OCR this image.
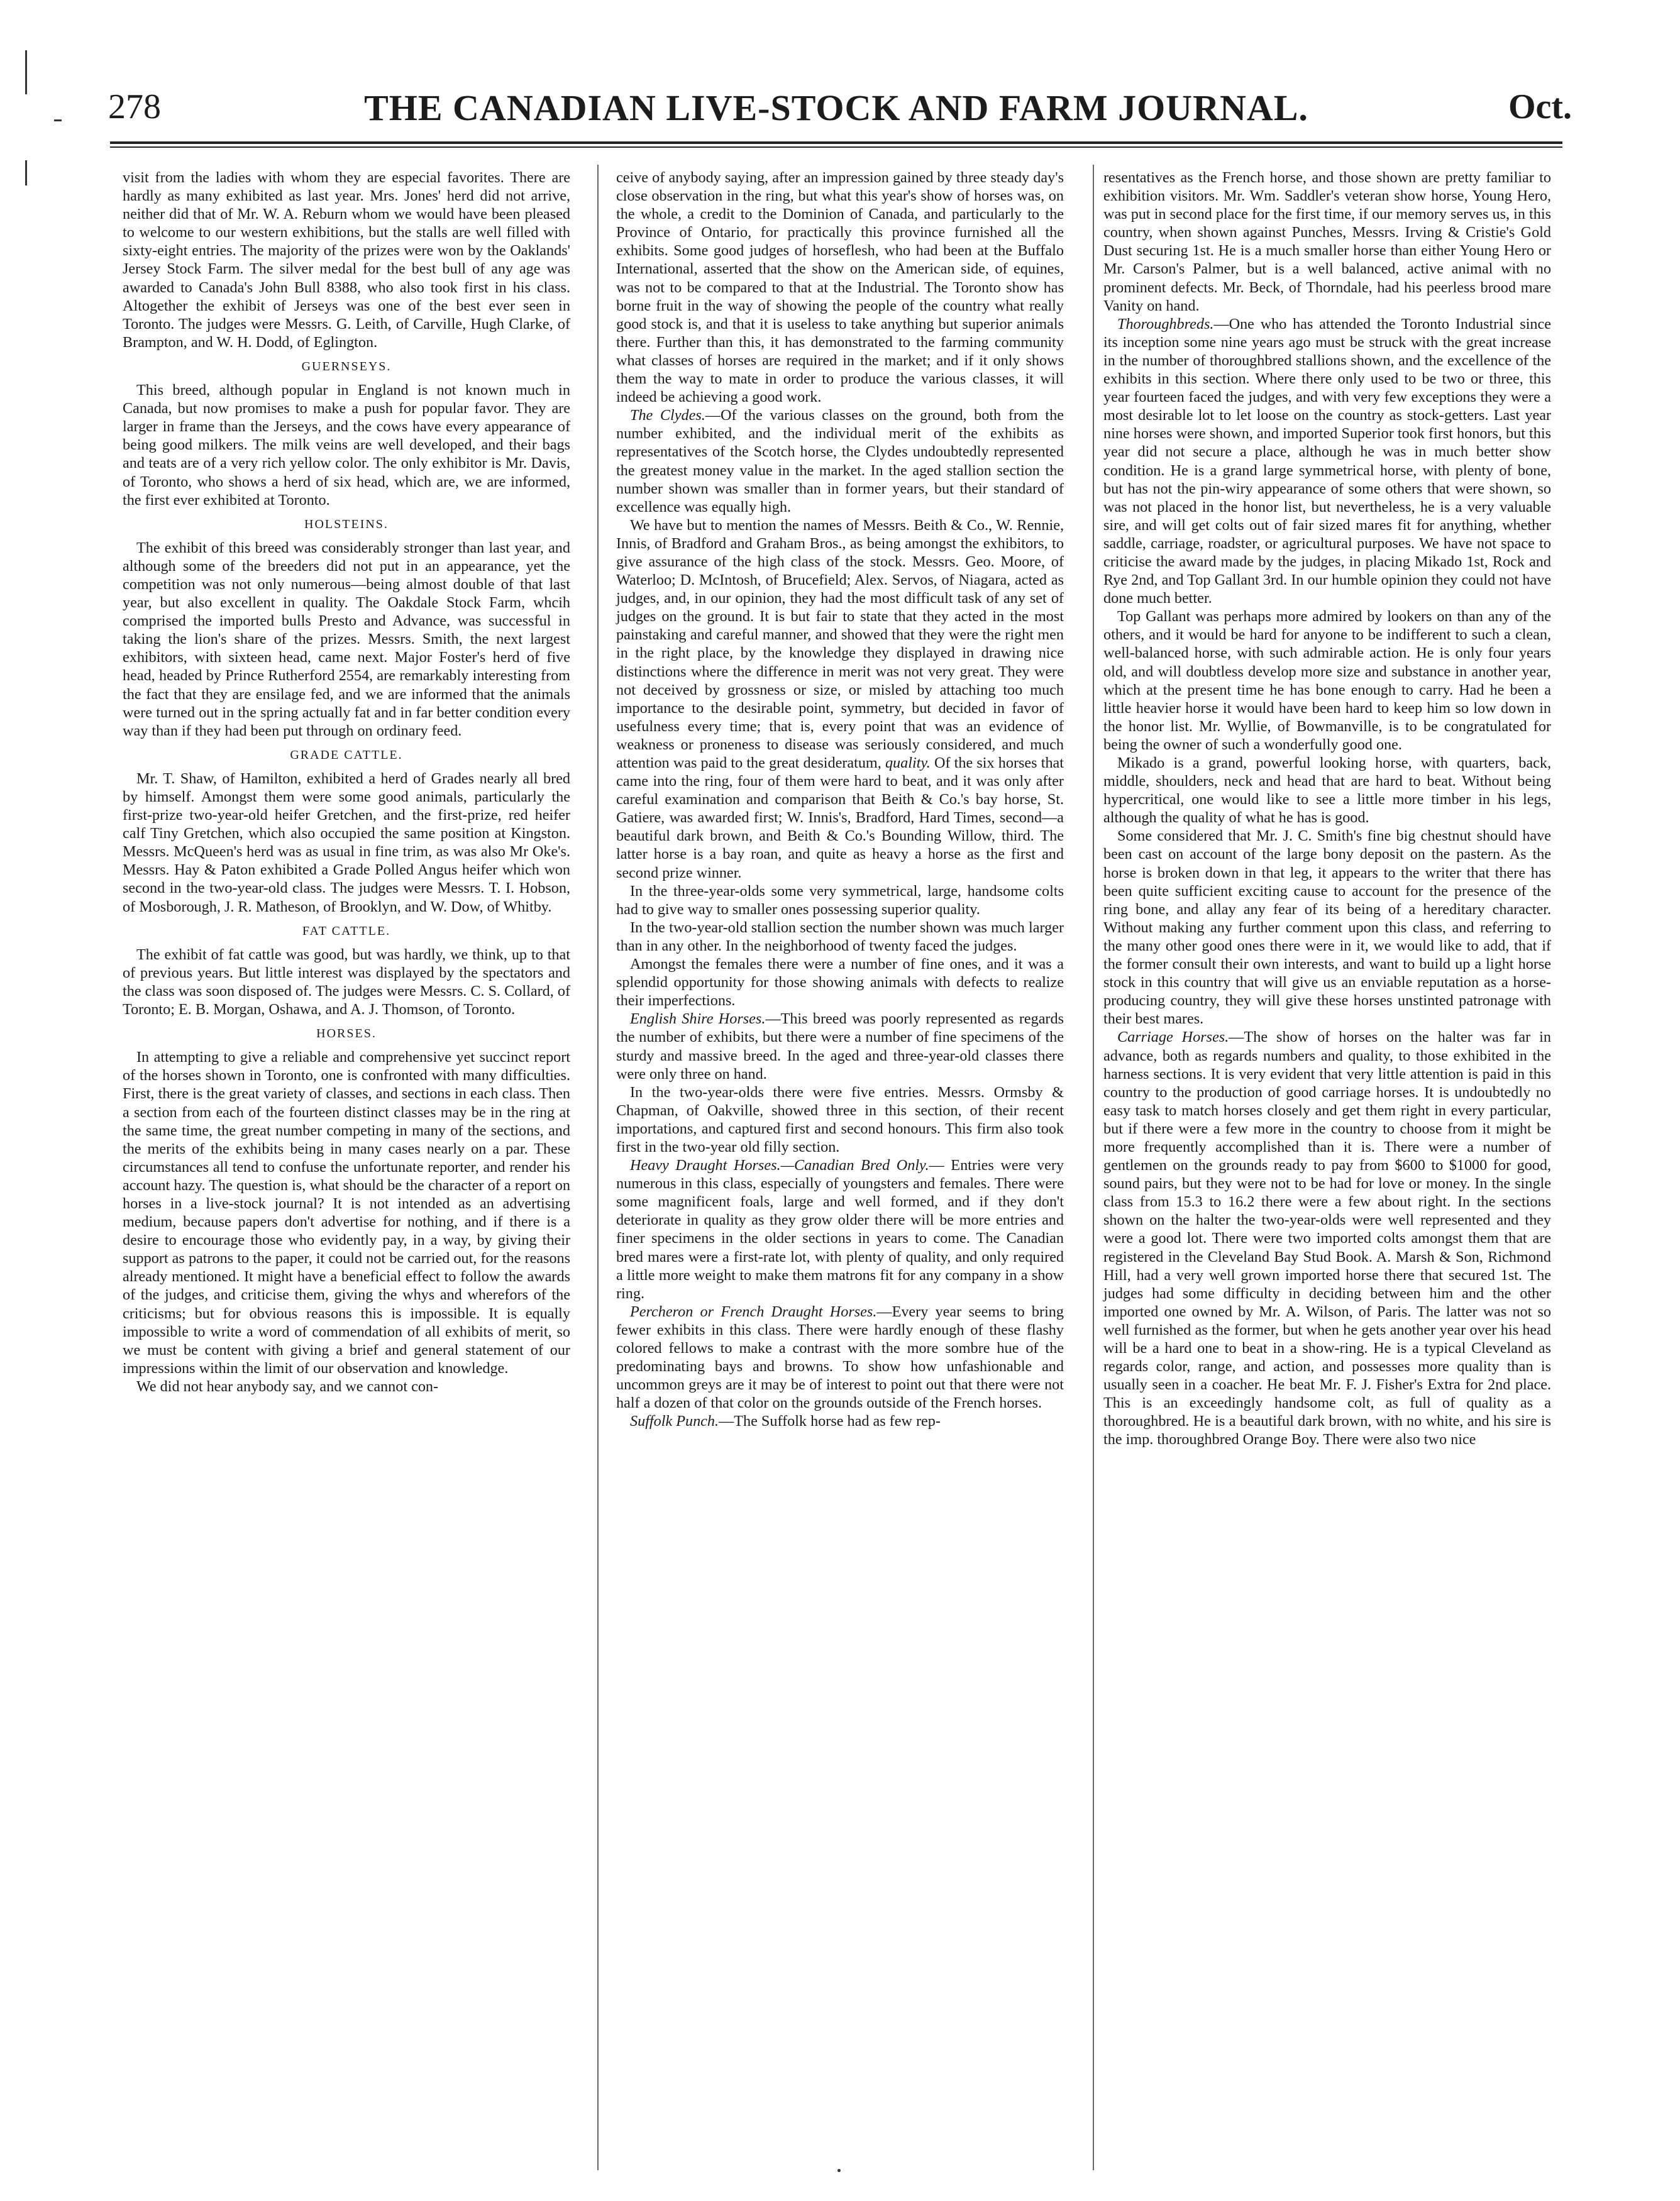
278	THE CANADIAN LIVE-STOCK AND FARM JOURNAL.	Oct.

visit from the ladies with whom they are especial favorites. There are hardly as many exhibited as last year. Mrs. Jones' herd did not arrive, neither did that of Mr. W. A. Reburn whom we would have been pleased to welcome to our western exhibitions, but the stalls are well filled with sixty-eight entries. The majority of the prizes were won by the Oaklands' Jersey Stock Farm. The silver medal for the best bull of any age was awarded to Canada's John Bull 8388, who also took first in his class. Altogether the exhibit of Jerseys was one of the best ever seen in Toronto. The judges were Messrs. G. Leith, of Carville, Hugh Clarke, of Brampton, and W. H. Dodd, of Eglington.

GUERNSEYS.

This breed, although popular in England is not known much in Canada, but now promises to make a push for popular favor. They are larger in frame than the Jerseys, and the cows have every appearance of being good milkers. The milk veins are well developed, and their bags and teats are of a very rich yellow color. The only exhibitor is Mr. Davis, of Toronto, who shows a herd of six head, which are, we are informed, the first ever exhibited at Toronto.

HOLSTEINS.

The exhibit of this breed was considerably stronger than last year, and although some of the breeders did not put in an appearance, yet the competition was not only numerous—being almost double of that last year, but also excellent in quality. The Oakdale Stock Farm, whcih comprised the imported bulls Presto and Advance, was successful in taking the lion's share of the prizes. Messrs. Smith, the next largest exhibitors, with sixteen head, came next. Major Foster's herd of five head, headed by Prince Rutherford 2554, are remarkably interesting from the fact that they are ensilage fed, and we are informed that the animals were turned out in the spring actually fat and in far better condition every way than if they had been put through on ordinary feed.

GRADE CATTLE.

Mr. T. Shaw, of Hamilton, exhibited a herd of Grades nearly all bred by himself. Amongst them were some good animals, particularly the first-prize two-year-old heifer Gretchen, and the first-prize, red heifer calf Tiny Gretchen, which also occupied the same position at Kingston. Messrs. McQueen's herd was as usual in fine trim, as was also Mr Oke's. Messrs. Hay & Paton exhibited a Grade Polled Angus heifer which won second in the two-year-old class. The judges were Messrs. T. I. Hobson, of Mosborough, J. R. Matheson, of Brooklyn, and W. Dow, of Whitby.

FAT CATTLE.

The exhibit of fat cattle was good, but was hardly, we think, up to that of previous years. But little interest was displayed by the spectators and the class was soon disposed of. The judges were Messrs. C. S. Collard, of Toronto; E. B. Morgan, Oshawa, and A. J. Thomson, of Toronto.

HORSES.

In attempting to give a reliable and comprehensive yet succinct report of the horses shown in Toronto, one is confronted with many difficulties. First, there is the great variety of classes, and sections in each class. Then a section from each of the fourteen distinct classes may be in the ring at the same time, the great number competing in many of the sections, and the merits of the exhibits being in many cases nearly on a par. These circumstances all tend to confuse the unfortunate reporter, and render his account hazy. The question is, what should be the character of a report on horses in a live-stock journal? It is not intended as an advertising medium, because papers don't advertise for nothing, and if there is a desire to encourage those who evidently pay, in a way, by giving their support as patrons to the paper, it could not be carried out, for the reasons already mentioned. It might have a beneficial effect to follow the awards of the judges, and criticise them, giving the whys and wherefors of the criticisms; but for obvious reasons this is impossible. It is equally impossible to write a word of commendation of all exhibits of merit, so we must be content with giving a brief and general statement of our impressions within the limit of our observation and knowledge.

We did not hear anybody say, and we cannot con-

ceive of anybody saying, after an impression gained by three steady day's close observation in the ring, but what this year's show of horses was, on the whole, a credit to the Dominion of Canada, and particularly to the Province of Ontario, for practically this province furnished all the exhibits. Some good judges of horseflesh, who had been at the Buffalo International, asserted that the show on the American side, of equines, was not to be compared to that at the Industrial. The Toronto show has borne fruit in the way of showing the people of the country what really good stock is, and that it is useless to take anything but superior animals there. Further than this, it has demonstrated to the farming community what classes of horses are required in the market; and if it only shows them the way to mate in order to produce the various classes, it will indeed be achieving a good work.

The Clydes.—Of the various classes on the ground, both from the number exhibited, and the individual merit of the exhibits as representatives of the Scotch horse, the Clydes undoubtedly represented the greatest money value in the market. In the aged stallion section the number shown was smaller than in former years, but their standard of excellence was equally high.

We have but to mention the names of Messrs. Beith & Co., W. Rennie, Innis, of Bradford and Graham Bros., as being amongst the exhibitors, to give assurance of the high class of the stock. Messrs. Geo. Moore, of Waterloo; D. McIntosh, of Brucefield; Alex. Servos, of Niagara, acted as judges, and, in our opinion, they had the most difficult task of any set of judges on the ground. It is but fair to state that they acted in the most painstaking and careful manner, and showed that they were the right men in the right place, by the knowledge they displayed in drawing nice distinctions where the difference in merit was not very great. They were not deceived by grossness or size, or misled by attaching too much importance to the desirable point, symmetry, but decided in favor of usefulness every time; that is, every point that was an evidence of weakness or proneness to disease was seriously considered, and much attention was paid to the great desideratum, quality. Of the six horses that came into the ring, four of them were hard to beat, and it was only after careful examination and comparison that Beith & Co.'s bay horse, St. Gatiere, was awarded first; W. Innis's, Bradford, Hard Times, second—a beautiful dark brown, and Beith & Co.'s Bounding Willow, third. The latter horse is a bay roan, and quite as heavy a horse as the first and second prize winner.

In the three-year-olds some very symmetrical, large, handsome colts had to give way to smaller ones possessing superior quality.

In the two-year-old stallion section the number shown was much larger than in any other. In the neighborhood of twenty faced the judges.

Amongst the females there were a number of fine ones, and it was a splendid opportunity for those showing animals with defects to realize their imperfections.

English Shire Horses.—This breed was poorly represented as regards the number of exhibits, but there were a number of fine specimens of the sturdy and massive breed. In the aged and three-year-old classes there were only three on hand.

In the two-year-olds there were five entries. Messrs. Ormsby & Chapman, of Oakville, showed three in this section, of their recent importations, and captured first and second honours. This firm also took first in the two-year old filly section.

Heavy Draught Horses.—Canadian Bred Only.— Entries were very numerous in this class, especially of youngsters and females. There were some magnificent foals, large and well formed, and if they don't deteriorate in quality as they grow older there will be more entries and finer specimens in the older sections in years to come. The Canadian bred mares were a first-rate lot, with plenty of quality, and only required a little more weight to make them matrons fit for any company in a show ring.

Percheron or French Draught Horses.—Every year seems to bring fewer exhibits in this class. There were hardly enough of these flashy colored fellows to make a contrast with the more sombre hue of the predominating bays and browns. To show how unfashionable and uncommon greys are it may be of interest to point out that there were not half a dozen of that color on the grounds outside of the French horses.

Suffolk Punch.—The Suffolk horse had as few rep-

resentatives as the French horse, and those shown are pretty familiar to exhibition visitors. Mr. Wm. Saddler's veteran show horse, Young Hero, was put in second place for the first time, if our memory serves us, in this country, when shown against Punches, Messrs. Irving & Cristie's Gold Dust securing 1st. He is a much smaller horse than either Young Hero or Mr. Carson's Palmer, but is a well balanced, active animal with no prominent defects. Mr. Beck, of Thorndale, had his peerless brood mare Vanity on hand.

Thoroughbreds.—One who has attended the Toronto Industrial since its inception some nine years ago must be struck with the great increase in the number of thoroughbred stallions shown, and the excellence of the exhibits in this section. Where there only used to be two or three, this year fourteen faced the judges, and with very few exceptions they were a most desirable lot to let loose on the country as stock-getters. Last year nine horses were shown, and imported Superior took first honors, but this year did not secure a place, although he was in much better show condition. He is a grand large symmetrical horse, with plenty of bone, but has not the pin-wiry appearance of some others that were shown, so was not placed in the honor list, but nevertheless, he is a very valuable sire, and will get colts out of fair sized mares fit for anything, whether saddle, carriage, roadster, or agricultural purposes. We have not space to criticise the award made by the judges, in placing Mikado 1st, Rock and Rye 2nd, and Top Gallant 3rd. In our humble opinion they could not have done much better.

Top Gallant was perhaps more admired by lookers on than any of the others, and it would be hard for anyone to be indifferent to such a clean, well-balanced horse, with such admirable action. He is only four years old, and will doubtless develop more size and substance in another year, which at the present time he has bone enough to carry. Had he been a little heavier horse it would have been hard to keep him so low down in the honor list. Mr. Wyllie, of Bowmanville, is to be congratulated for being the owner of such a wonderfully good one.

Mikado is a grand, powerful looking horse, with quarters, back, middle, shoulders, neck and head that are hard to beat. Without being hypercritical, one would like to see a little more timber in his legs, although the quality of what he has is good.

Some considered that Mr. J. C. Smith's fine big chestnut should have been cast on account of the large bony deposit on the pastern. As the horse is broken down in that leg, it appears to the writer that there has been quite sufficient exciting cause to account for the presence of the ring bone, and allay any fear of its being of a hereditary character. Without making any further comment upon this class, and referring to the many other good ones there were in it, we would like to add, that if the former consult their own interests, and want to build up a light horse stock in this country that will give us an enviable reputation as a horse-producing country, they will give these horses unstinted patronage with their best mares.

Carriage Horses.—The show of horses on the halter was far in advance, both as regards numbers and quality, to those exhibited in the harness sections. It is very evident that very little attention is paid in this country to the production of good carriage horses. It is undoubtedly no easy task to match horses closely and get them right in every particular, but if there were a few more in the country to choose from it might be more frequently accomplished than it is. There were a number of gentlemen on the grounds ready to pay from $600 to $1000 for good, sound pairs, but they were not to be had for love or money. In the single class from 15.3 to 16.2 there were a few about right. In the sections shown on the halter the two-year-olds were well represented and they were a good lot. There were two imported colts amongst them that are registered in the Cleveland Bay Stud Book. A. Marsh & Son, Richmond Hill, had a very well grown imported horse there that secured 1st. The judges had some difficulty in deciding between him and the other imported one owned by Mr. A. Wilson, of Paris. The latter was not so well furnished as the former, but when he gets another year over his head will be a hard one to beat in a show-ring. He is a typical Cleveland as regards color, range, and action, and possesses more quality than is usually seen in a coacher. He beat Mr. F. J. Fisher's Extra for 2nd place. This is an exceedingly handsome colt, as full of quality as a thoroughbred. He is a beautiful dark brown, with no white, and his sire is the imp. thoroughbred Orange Boy. There were also two nice
